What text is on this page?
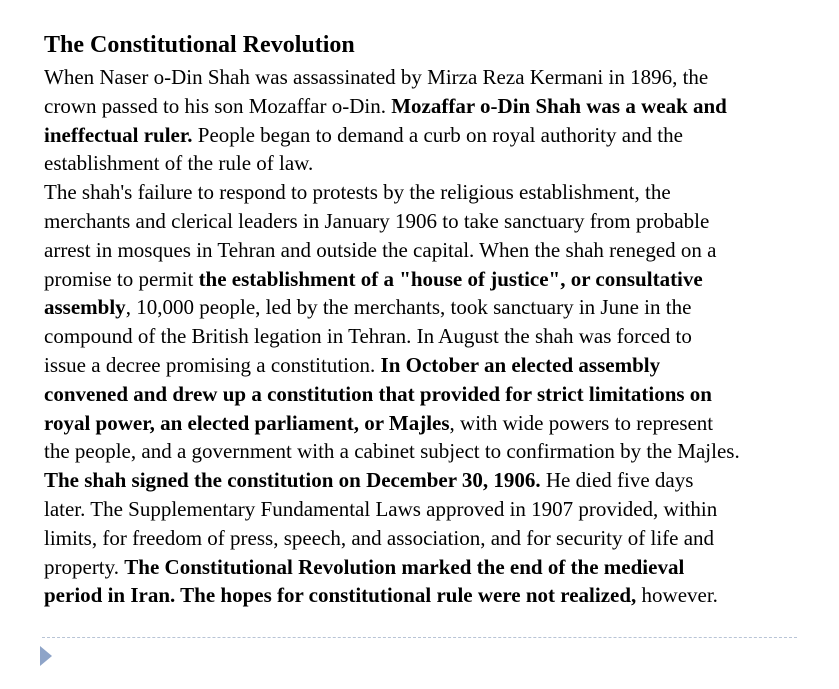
The Constitutional Revolution
When Naser o-Din Shah was assassinated by Mirza Reza Kermani in 1896, the
crown passed to his son Mozaffar o-Din. Mozaffar o-Din Shah was a weak and
ineffectual ruler. People began to demand a curb on royal authority and the
establishment of the rule of law.
The shah's failure to respond to protests by the religious establishment, the
merchants and clerical leaders in January 1906 to take sanctuary from probable
arrest in mosques in Tehran and outside the capital. When the shah reneged on a
promise to permit the establishment of a "house of justice", or consultative
assembly, 10,000 people, led by the merchants, took sanctuary in June in the
compound of the British legation in Tehran. In August the shah was forced to
issue a decree promising a constitution. In October an elected assembly
convened and drew up a constitution that provided for strict limitations on
royal power, an elected parliament, or Majles, with wide powers to represent
the people, and a government with a cabinet subject to confirmation by the Majles.
The shah signed the constitution on December 30, 1906. He died five days
later. The Supplementary Fundamental Laws approved in 1907 provided, within
limits, for freedom of press, speech, and association, and for security of life and
property. The Constitutional Revolution marked the end of the medieval
period in Iran. The hopes for constitutional rule were not realized, however.
